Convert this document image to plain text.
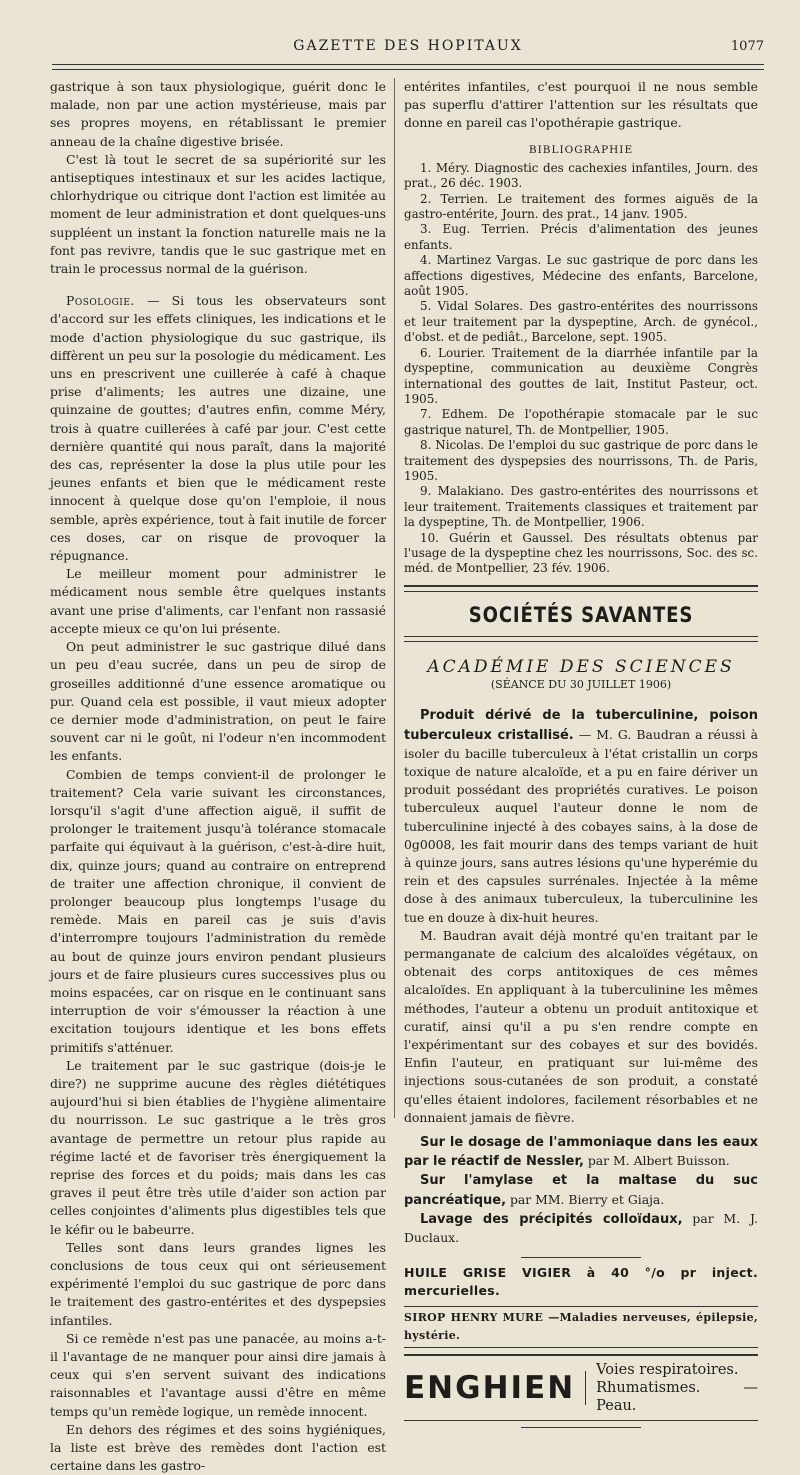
GAZETTE DES HOPITAUX	1077

gastrique à son taux physiologique, guérit donc le malade, non par une action mystérieuse, mais par ses propres moyens, en rétablissant le premier anneau de la chaîne digestive brisée.

C'est là tout le secret de sa supériorité sur les antiseptiques intestinaux et sur les acides lactique, chlorhydrique ou citrique dont l'action est limitée au moment de leur administration et dont quelques-uns suppléent un instant la fonction naturelle mais ne la font pas revivre, tandis que le suc gastrique met en train le processus normal de la guérison.

Posologie. — Si tous les observateurs sont d'accord sur les effets cliniques, les indications et le mode d'action physiologique du suc gastrique, ils diffèrent un peu sur la posologie du médicament. Les uns en prescrivent une cuillerée à café à chaque prise d'aliments; les autres une dizaine, une quinzaine de gouttes; d'autres enfin, comme Méry, trois à quatre cuillerées à café par jour. C'est cette dernière quantité qui nous paraît, dans la majorité des cas, représenter la dose la plus utile pour les jeunes enfants et bien que le médicament reste innocent à quelque dose qu'on l'emploie, il nous semble, après expérience, tout à fait inutile de forcer ces doses, car on risque de provoquer la répugnance.

Le meilleur moment pour administrer le médicament nous semble être quelques instants avant une prise d'aliments, car l'enfant non rassasié accepte mieux ce qu'on lui présente.

On peut administrer le suc gastrique dilué dans un peu d'eau sucrée, dans un peu de sirop de groseilles additionné d'une essence aromatique ou pur. Quand cela est possible, il vaut mieux adopter ce dernier mode d'administration, on peut le faire souvent car ni le goût, ni l'odeur n'en incommodent les enfants.

Combien de temps convient-il de prolonger le traitement? Cela varie suivant les circonstances, lorsqu'il s'agit d'une affection aiguë, il suffit de prolonger le traitement jusqu'à tolérance stomacale parfaite qui équivaut à la guérison, c'est-à-dire huit, dix, quinze jours; quand au contraire on entreprend de traiter une affection chronique, il convient de prolonger beaucoup plus longtemps l'usage du remède. Mais en pareil cas je suis d'avis d'interrompre toujours l'administration du remède au bout de quinze jours environ pendant plusieurs jours et de faire plusieurs cures successives plus ou moins espacées, car on risque en le continuant sans interruption de voir s'émousser la réaction à une excitation toujours identique et les bons effets primitifs s'atténuer.

Le traitement par le suc gastrique (dois-je le dire?) ne supprime aucune des règles diététiques aujourd'hui si bien établies de l'hygiène alimentaire du nourrisson. Le suc gastrique a le très gros avantage de permettre un retour plus rapide au régime lacté et de favoriser très énergiquement la reprise des forces et du poids; mais dans les cas graves il peut être très utile d'aider son action par celles conjointes d'aliments plus digestibles tels que le kéfir ou le babeurre.

Telles sont dans leurs grandes lignes les conclusions de tous ceux qui ont sérieusement expérimenté l'emploi du suc gastrique de porc dans le traitement des gastro-entérites et des dyspepsies infantiles.

Si ce remède n'est pas une panacée, au moins a-t-il l'avantage de ne manquer pour ainsi dire jamais à ceux qui s'en servent suivant des indications raisonnables et l'avantage aussi d'être en même temps qu'un remède logique, un remède innocent.

En dehors des régimes et des soins hygiéniques, la liste est brève des remèdes dont l'action est certaine dans les gastro-

entérites infantiles, c'est pourquoi il ne nous semble pas superflu d'attirer l'attention sur les résultats que donne en pareil cas l'opothérapie gastrique.

BIBLIOGRAPHIE

1. Méry. Diagnostic des cachexies infantiles, Journ. des prat., 26 déc. 1903.

2. Terrien. Le traitement des formes aiguës de la gastro-entérite, Journ. des prat., 14 janv. 1905.

3. Eug. Terrien. Précis d'alimentation des jeunes enfants.

4. Martinez Vargas. Le suc gastrique de porc dans les affections digestives, Médecine des enfants, Barcelone, août 1905.

5. Vidal Solares. Des gastro-entérites des nourrissons et leur traitement par la dyspeptine, Arch. de gynécol., d'obst. et de pediât., Barcelone, sept. 1905.

6. Lourier. Traitement de la diarrhée infantile par la dyspeptine, communication au deuxième Congrès international des gouttes de lait, Institut Pasteur, oct. 1905.

7. Edhem. De l'opothérapie stomacale par le suc gastrique naturel, Th. de Montpellier, 1905.

8. Nicolas. De l'emploi du suc gastrique de porc dans le traitement des dyspepsies des nourrissons, Th. de Paris, 1905.

9. Malakiano. Des gastro-entérites des nourrissons et leur traitement. Traitements classiques et traitement par la dyspeptine, Th. de Montpellier, 1906.

10. Guérin et Gaussel. Des résultats obtenus par l'usage de la dyspeptine chez les nourrissons, Soc. des sc. méd. de Montpellier, 23 fév. 1906.

SOCIÉTÉS SAVANTES
ACADÉMIE DES SCIENCES
(SÉANCE DU 30 JUILLET 1906)

Produit dérivé de la tuberculinine, poison tuberculeux cristallisé. — M. G. Baudran a réussi à isoler du bacille tuberculeux à l'état cristallin un corps toxique de nature alcaloïde, et a pu en faire dériver un produit possédant des propriétés curatives. Le poison tuberculeux auquel l'auteur donne le nom de tuberculinine injecté à des cobayes sains, à la dose de 0g0008, les fait mourir dans des temps variant de huit à quinze jours, sans autres lésions qu'une hyperémie du rein et des capsules surrénales. Injectée à la même dose à des animaux tuberculeux, la tuberculinine les tue en douze à dix-huit heures.

M. Baudran avait déjà montré qu'en traitant par le permanganate de calcium des alcaloïdes végétaux, on obtenait des corps antitoxiques de ces mêmes alcaloïdes. En appliquant à la tuberculinine les mêmes méthodes, l'auteur a obtenu un produit antitoxique et curatif, ainsi qu'il a pu s'en rendre compte en l'expérimentant sur des cobayes et sur des bovidés. Enfin l'auteur, en pratiquant sur lui-même des injections sous-cutanées de son produit, a constaté qu'elles étaient indolores, facilement résorbables et ne donnaient jamais de fièvre.

Sur le dosage de l'ammoniaque dans les eaux par le réactif de Nessler, par M. Albert Buisson.

Sur l'amylase et la maltase du suc pancréatique, par MM. Bierry et Giaja.

Lavage des précipités colloïdaux, par M. J. Duclaux.

HUILE GRISE VIGIER à 40 °/o pr inject. mercurielles.
SIROP HENRY MURE —Maladies nerveuses, épilepsie, hystérie.
ENGHIEN Voies respiratoires.
Rhumatismes. — Peau.
